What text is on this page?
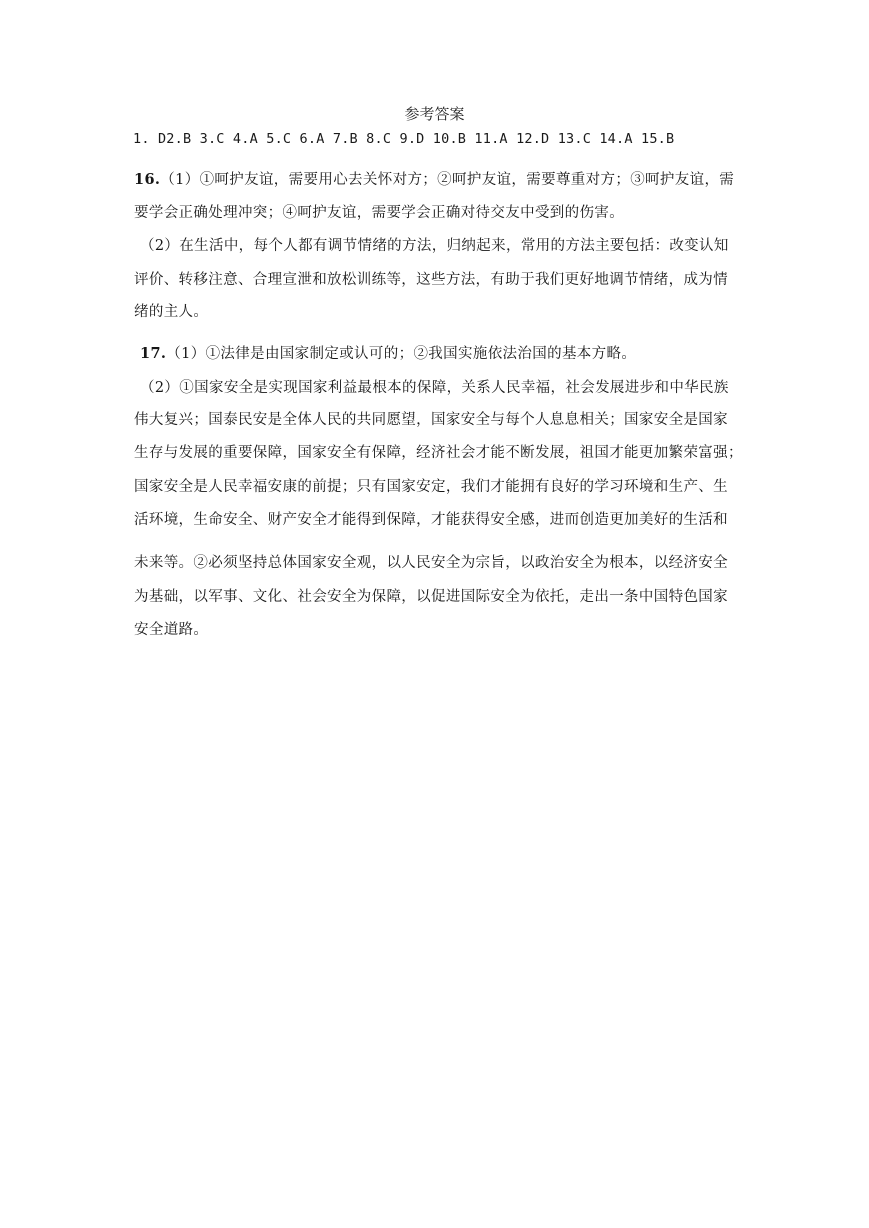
参考答案
1. D2.B 3.C 4.A 5.C 6.A 7.B 8.C 9.D 10.B 11.A 12.D 13.C 14.A 15.B
16.（1）①呵护友谊，需要用心去关怀对方；②呵护友谊，需要尊重对方；③呵护友谊，需
要学会正确处理冲突；④呵护友谊，需要学会正确对待交友中受到的伤害。
（2）在生活中，每个人都有调节情绪的方法，归纳起来，常用的方法主要包括：改变认知
评价、转移注意、合理宣泄和放松训练等，这些方法，有助于我们更好地调节情绪，成为情
绪的主人。
17.（1）①法律是由国家制定或认可的；②我国实施依法治国的基本方略。
（2）①国家安全是实现国家利益最根本的保障，关系人民幸福，社会发展进步和中华民族
伟大复兴；国泰民安是全体人民的共同愿望，国家安全与每个人息息相关；国家安全是国家
生存与发展的重要保障，国家安全有保障，经济社会才能不断发展，祖国才能更加繁荣富强；
国家安全是人民幸福安康的前提；只有国家安定，我们才能拥有良好的学习环境和生产、生
活环境，生命安全、财产安全才能得到保障，才能获得安全感，进而创造更加美好的生活和
未来等。②必须坚持总体国家安全观，以人民安全为宗旨，以政治安全为根本，以经济安全
为基础，以军事、文化、社会安全为保障，以促进国际安全为依托，走出一条中国特色国家
安全道路。
